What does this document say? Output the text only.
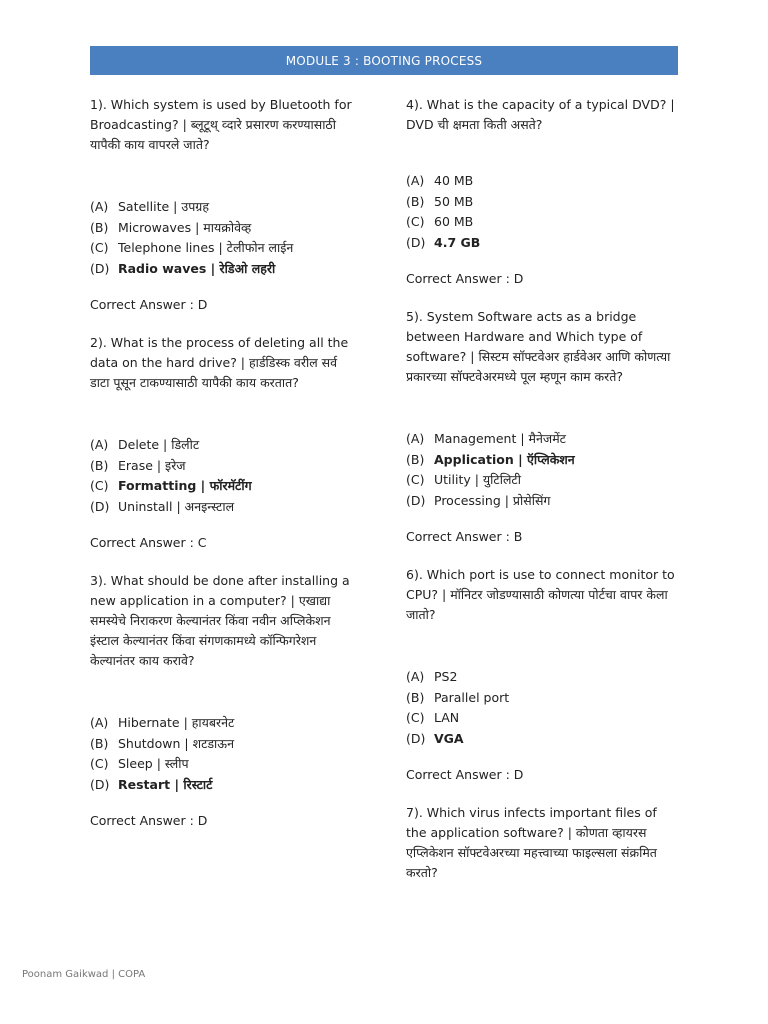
MODULE 3 : BOOTING PROCESS

1). Which system is used by Bluetooth for Broadcasting? | ब्लूटूथ् व्दारे प्रसारण करण्यासाठी यापैकी काय वापरले जाते?

(A) Satellite | उपग्रह
(B) Microwaves | मायक्रोवेव्ह
(C) Telephone lines | टेलीफोन लाईन
(D) Radio waves | रेडिओ लहरी
Correct Answer : D

2). What is the process of deleting all the data on the hard drive? | हार्डडिस्क वरील सर्व डाटा पूसून टाकण्यासाठी यापैकी काय करतात?

(A) Delete | डिलीट
(B) Erase | इरेज
(C) Formatting | फॉरमॅटींग
(D) Uninstall | अनइन्स्टाल
Correct Answer : C

3). What should be done after installing a new application in a computer? | एखाद्या समस्येचे निराकरण केल्यानंतर किंवा नवीन अप्लिकेशन इंस्टाल केल्यानंतर किंवा संगणकामध्ये कॉन्फिगरेशन केल्यानंतर काय करावे?

(A) Hibernate | हायबरनेट
(B) Shutdown | शटडाऊन
(C) Sleep | स्लीप
(D) Restart | रिस्टार्ट
Correct Answer : D

4). What is the capacity of a typical DVD? | DVD ची क्षमता किती असते?

(A) 40 MB
(B) 50 MB
(C) 60 MB
(D) 4.7 GB
Correct Answer : D

5). System Software acts as a bridge between Hardware and Which type of software? | सिस्टम सॉफ्टवेअर हार्डवेअर आणि कोणत्या प्रकारच्या सॉफ्टवेअरमध्ये पूल म्हणून काम करते?

(A) Management | मैनेजमेंट
(B) Application | ऍप्लिकेशन
(C) Utility | युटिलिटी
(D) Processing | प्रोसेसिंग
Correct Answer : B

6). Which port is use to connect monitor to CPU? | मॉनिटर जोडण्यासाठी कोणत्या पोर्टचा वापर केला जातो?

(A) PS2
(B) Parallel port
(C) LAN
(D) VGA
Correct Answer : D

7). Which virus infects important files of the application software? | कोणता व्हायरस एप्लिकेशन सॉफ्टवेअरच्या महत्त्वाच्या फाइल्सला संक्रमित करतो?

Poonam Gaikwad | COPA
